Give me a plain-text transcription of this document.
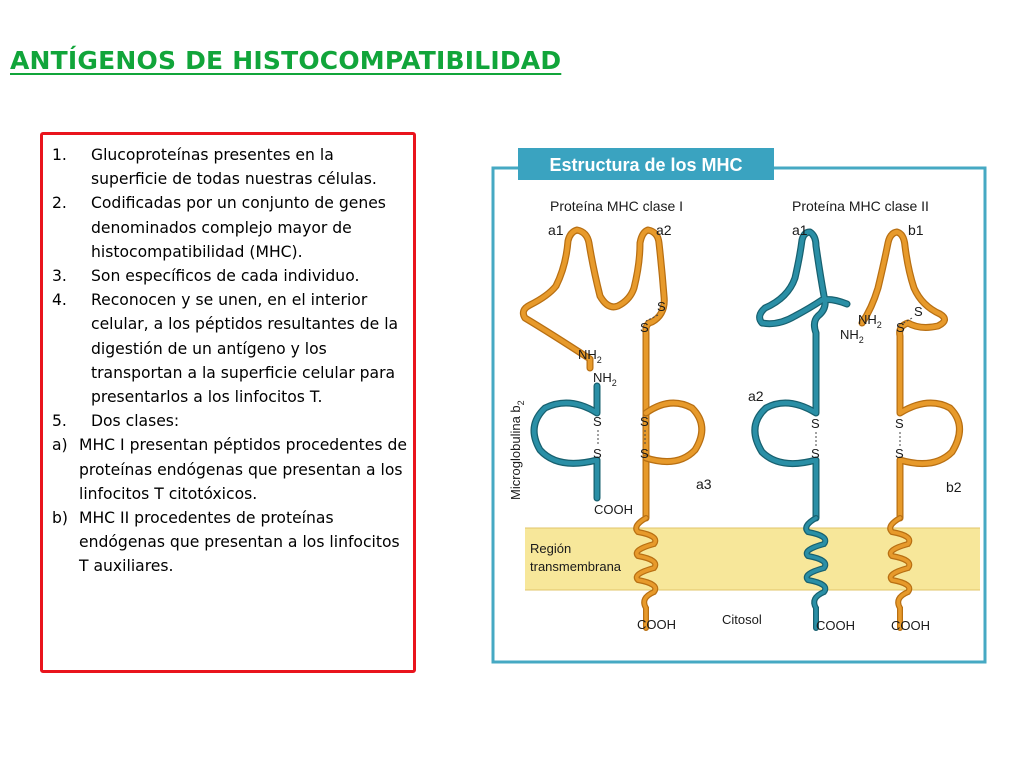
ANTÍGENOS DE HISTOCOMPATIBILIDAD
1.	Glucoproteínas presentes en la superficie de todas nuestras células.
2.	Codificadas por un conjunto de genes denominados complejo mayor de histocompatibilidad (MHC).
3.	Son específicos de cada individuo.
4.	Reconocen y se unen, en el interior celular, a los péptidos resultantes de la digestión de un antígeno y los transportan a la superficie celular para presentarlos a los linfocitos T.
5.	Dos clases:
a) MHC I presentan péptidos procedentes de proteínas endógenas que presentan a los linfocitos T citotóxicos.
b) MHC II procedentes de proteínas endógenas que presentan a los linfocitos T auxiliares.
Estructura de los MHC
Proteína MHC clase I	Proteína MHC clase II
a1	a2
a3
S
S
S
S
S
S
$NH_2$
$NH_2$
COOH
Microglobulina $b_2$
Región
transmembrana
COOH	Citosol
a1	b1
a2
b2
$NH_2$
$NH_2$
S
S
S
S
S
S
COOH	COOH
